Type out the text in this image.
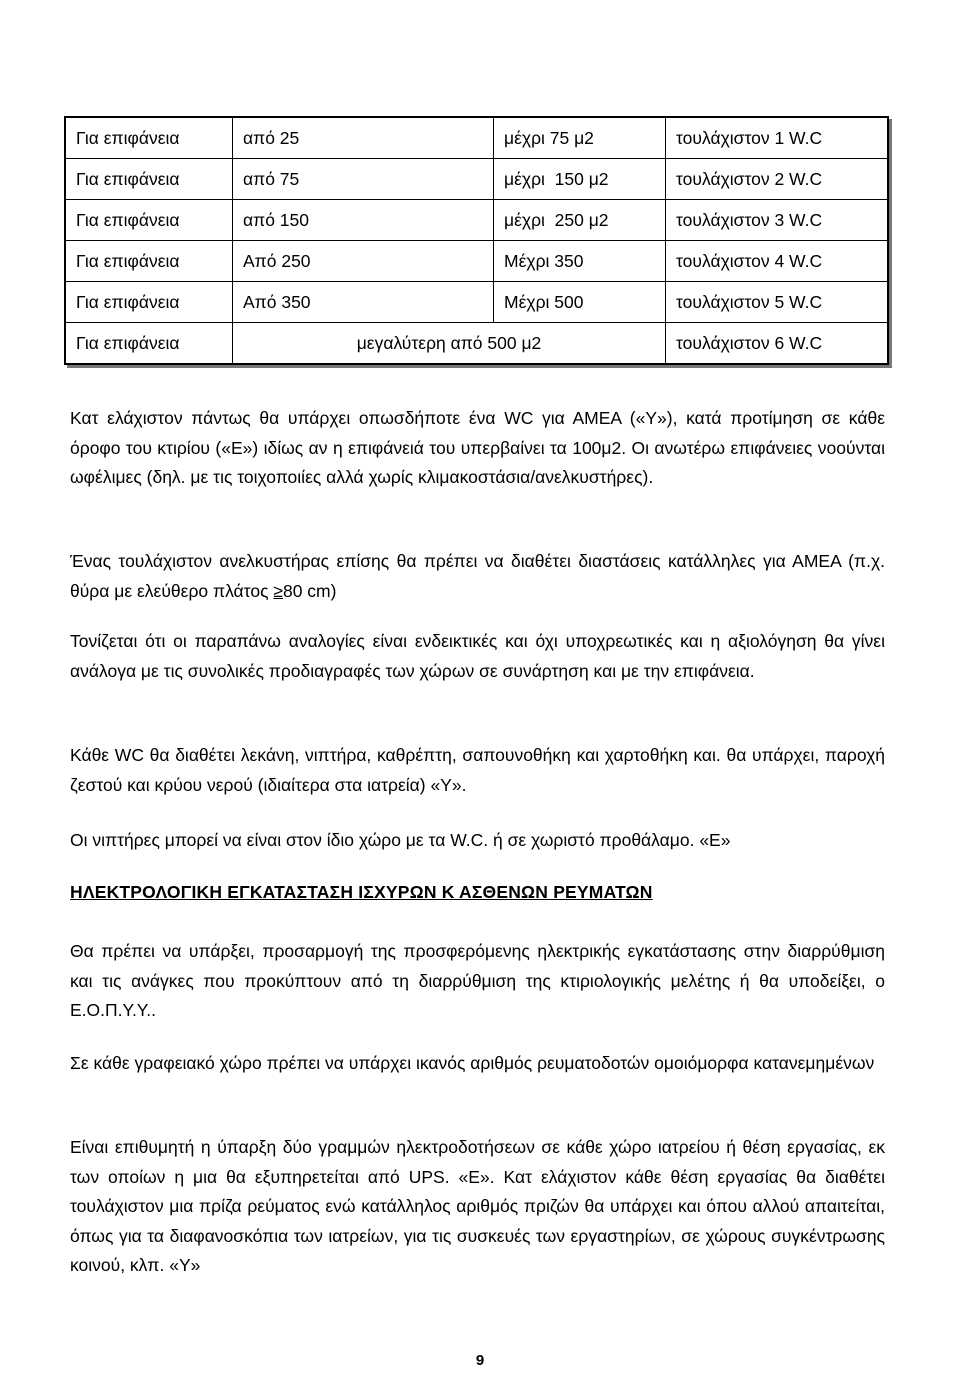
Για επιφάνεια	από 25	μέχρι 75 μ2	τουλάχιστον 1 W.C
Για επιφάνεια	από 75	μέχρι  150 μ2	τουλάχιστον 2 W.C
Για επιφάνεια	από 150	μέχρι  250 μ2	τουλάχιστον 3 W.C
Για επιφάνεια	Από 250	Μέχρι 350	τουλάχιστον 4 W.C
Για επιφάνεια	Από 350	Μέχρι 500	τουλάχιστον 5 W.C
Για επιφάνεια	μεγαλύτερη από 500 μ2		τουλάχιστον 6 W.C

Κατ ελάχιστον πάντως θα υπάρχει οπωσδήποτε ένα WC για ΑΜΕΑ («Υ»), κατά προτίμηση σε κάθε όροφο του κτιρίου («Ε») ιδίως αν η επιφάνειά του υπερβαίνει τα 100μ2. Οι ανωτέρω επιφάνειες νοούνται ωφέλιμες (δηλ. με τις τοιχοποιίες αλλά χωρίς κλιμακοστάσια/ανελκυστήρες).

Ένας τουλάχιστον ανελκυστήρας επίσης θα πρέπει να διαθέτει διαστάσεις κατάλληλες για ΑΜΕΑ (π.χ. θύρα με ελεύθερο πλάτος ≥80 cm)

Τονίζεται ότι οι παραπάνω αναλογίες είναι ενδεικτικές και όχι υποχρεωτικές και η αξιολόγηση θα γίνει ανάλογα με τις συνολικές προδιαγραφές των χώρων σε συνάρτηση και με την επιφάνεια.

Κάθε WC θα διαθέτει λεκάνη, νιπτήρα, καθρέπτη, σαπουνοθήκη και χαρτοθήκη και. θα υπάρχει, παροχή ζεστού και κρύου νερού (ιδιαίτερα στα ιατρεία) «Υ».

Οι νιπτήρες μπορεί να είναι στον ίδιο χώρο με τα W.C. ή σε χωριστό προθάλαμο. «Ε»

ΗΛΕΚΤΡΟΛΟΓΙΚΗ ΕΓΚΑΤΑΣΤΑΣΗ ΙΣΧΥΡΩΝ Κ ΑΣΘΕΝΩΝ ΡΕΥΜΑΤΩΝ

Θα πρέπει να υπάρξει, προσαρμογή της προσφερόμενης ηλεκτρικής εγκατάστασης στην διαρρύθμιση και τις ανάγκες που προκύπτουν από τη διαρρύθμιση της κτιριολογικής μελέτης ή θα υποδείξει, ο Ε.Ο.Π.Υ.Υ..

Σε κάθε γραφειακό χώρο πρέπει να υπάρχει ικανός αριθμός ρευματοδοτών ομοιόμορφα κατανεμημένων

Είναι επιθυμητή η ύπαρξη δύο γραμμών ηλεκτροδοτήσεων σε κάθε χώρο ιατρείου ή θέση εργασίας, εκ των οποίων η μια θα εξυπηρετείται από UPS. «Ε». Κατ ελάχιστον κάθε θέση εργασίας θα διαθέτει τουλάχιστον μια πρίζα ρεύματος ενώ κατάλληλος αριθμός πριζών θα υπάρχει και όπου αλλού απαιτείται, όπως για τα διαφανοσκόπια των ιατρείων, για τις συσκευές των εργαστηρίων, σε χώρους συγκέντρωσης κοινού, κλπ. «Υ»

9
